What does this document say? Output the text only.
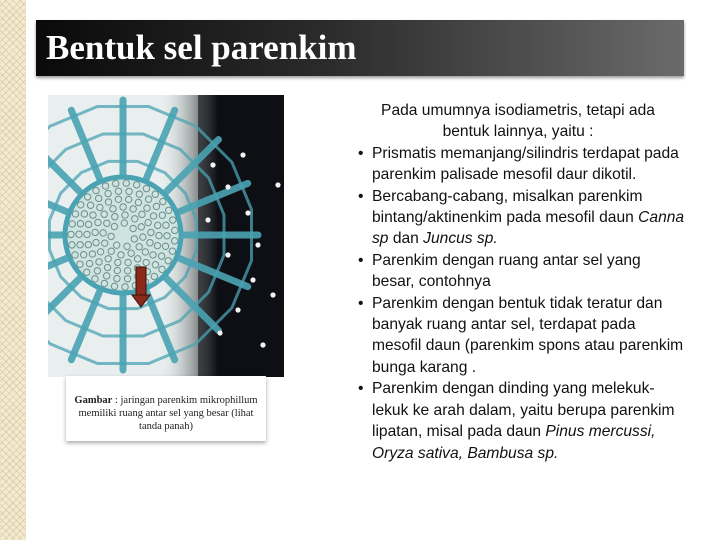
Bentuk sel parenkim
Gambar : jaringan parenkim mikrophillum memiliki ruang antar sel yang besar (lihat tanda panah)
Pada umumnya isodiametris, tetapi ada bentuk lainnya, yaitu :
• Prismatis memanjang/silindris terdapat pada parenkim palisade mesofil daur dikotil.
• Bercabang-cabang, misalkan parenkim bintang/aktinenkim pada mesofil daun Canna sp dan Juncus sp.
• Parenkim dengan ruang antar sel yang besar, contohnya
• Parenkim dengan bentuk tidak teratur dan banyak ruang antar sel, terdapat pada mesofil daun (parenkim spons atau parenkim bunga karang .
• Parenkim dengan dinding yang melekuk-lekuk ke arah dalam, yaitu berupa parenkim lipatan, misal pada daun Pinus mercussi, Oryza sativa, Bambusa sp.
